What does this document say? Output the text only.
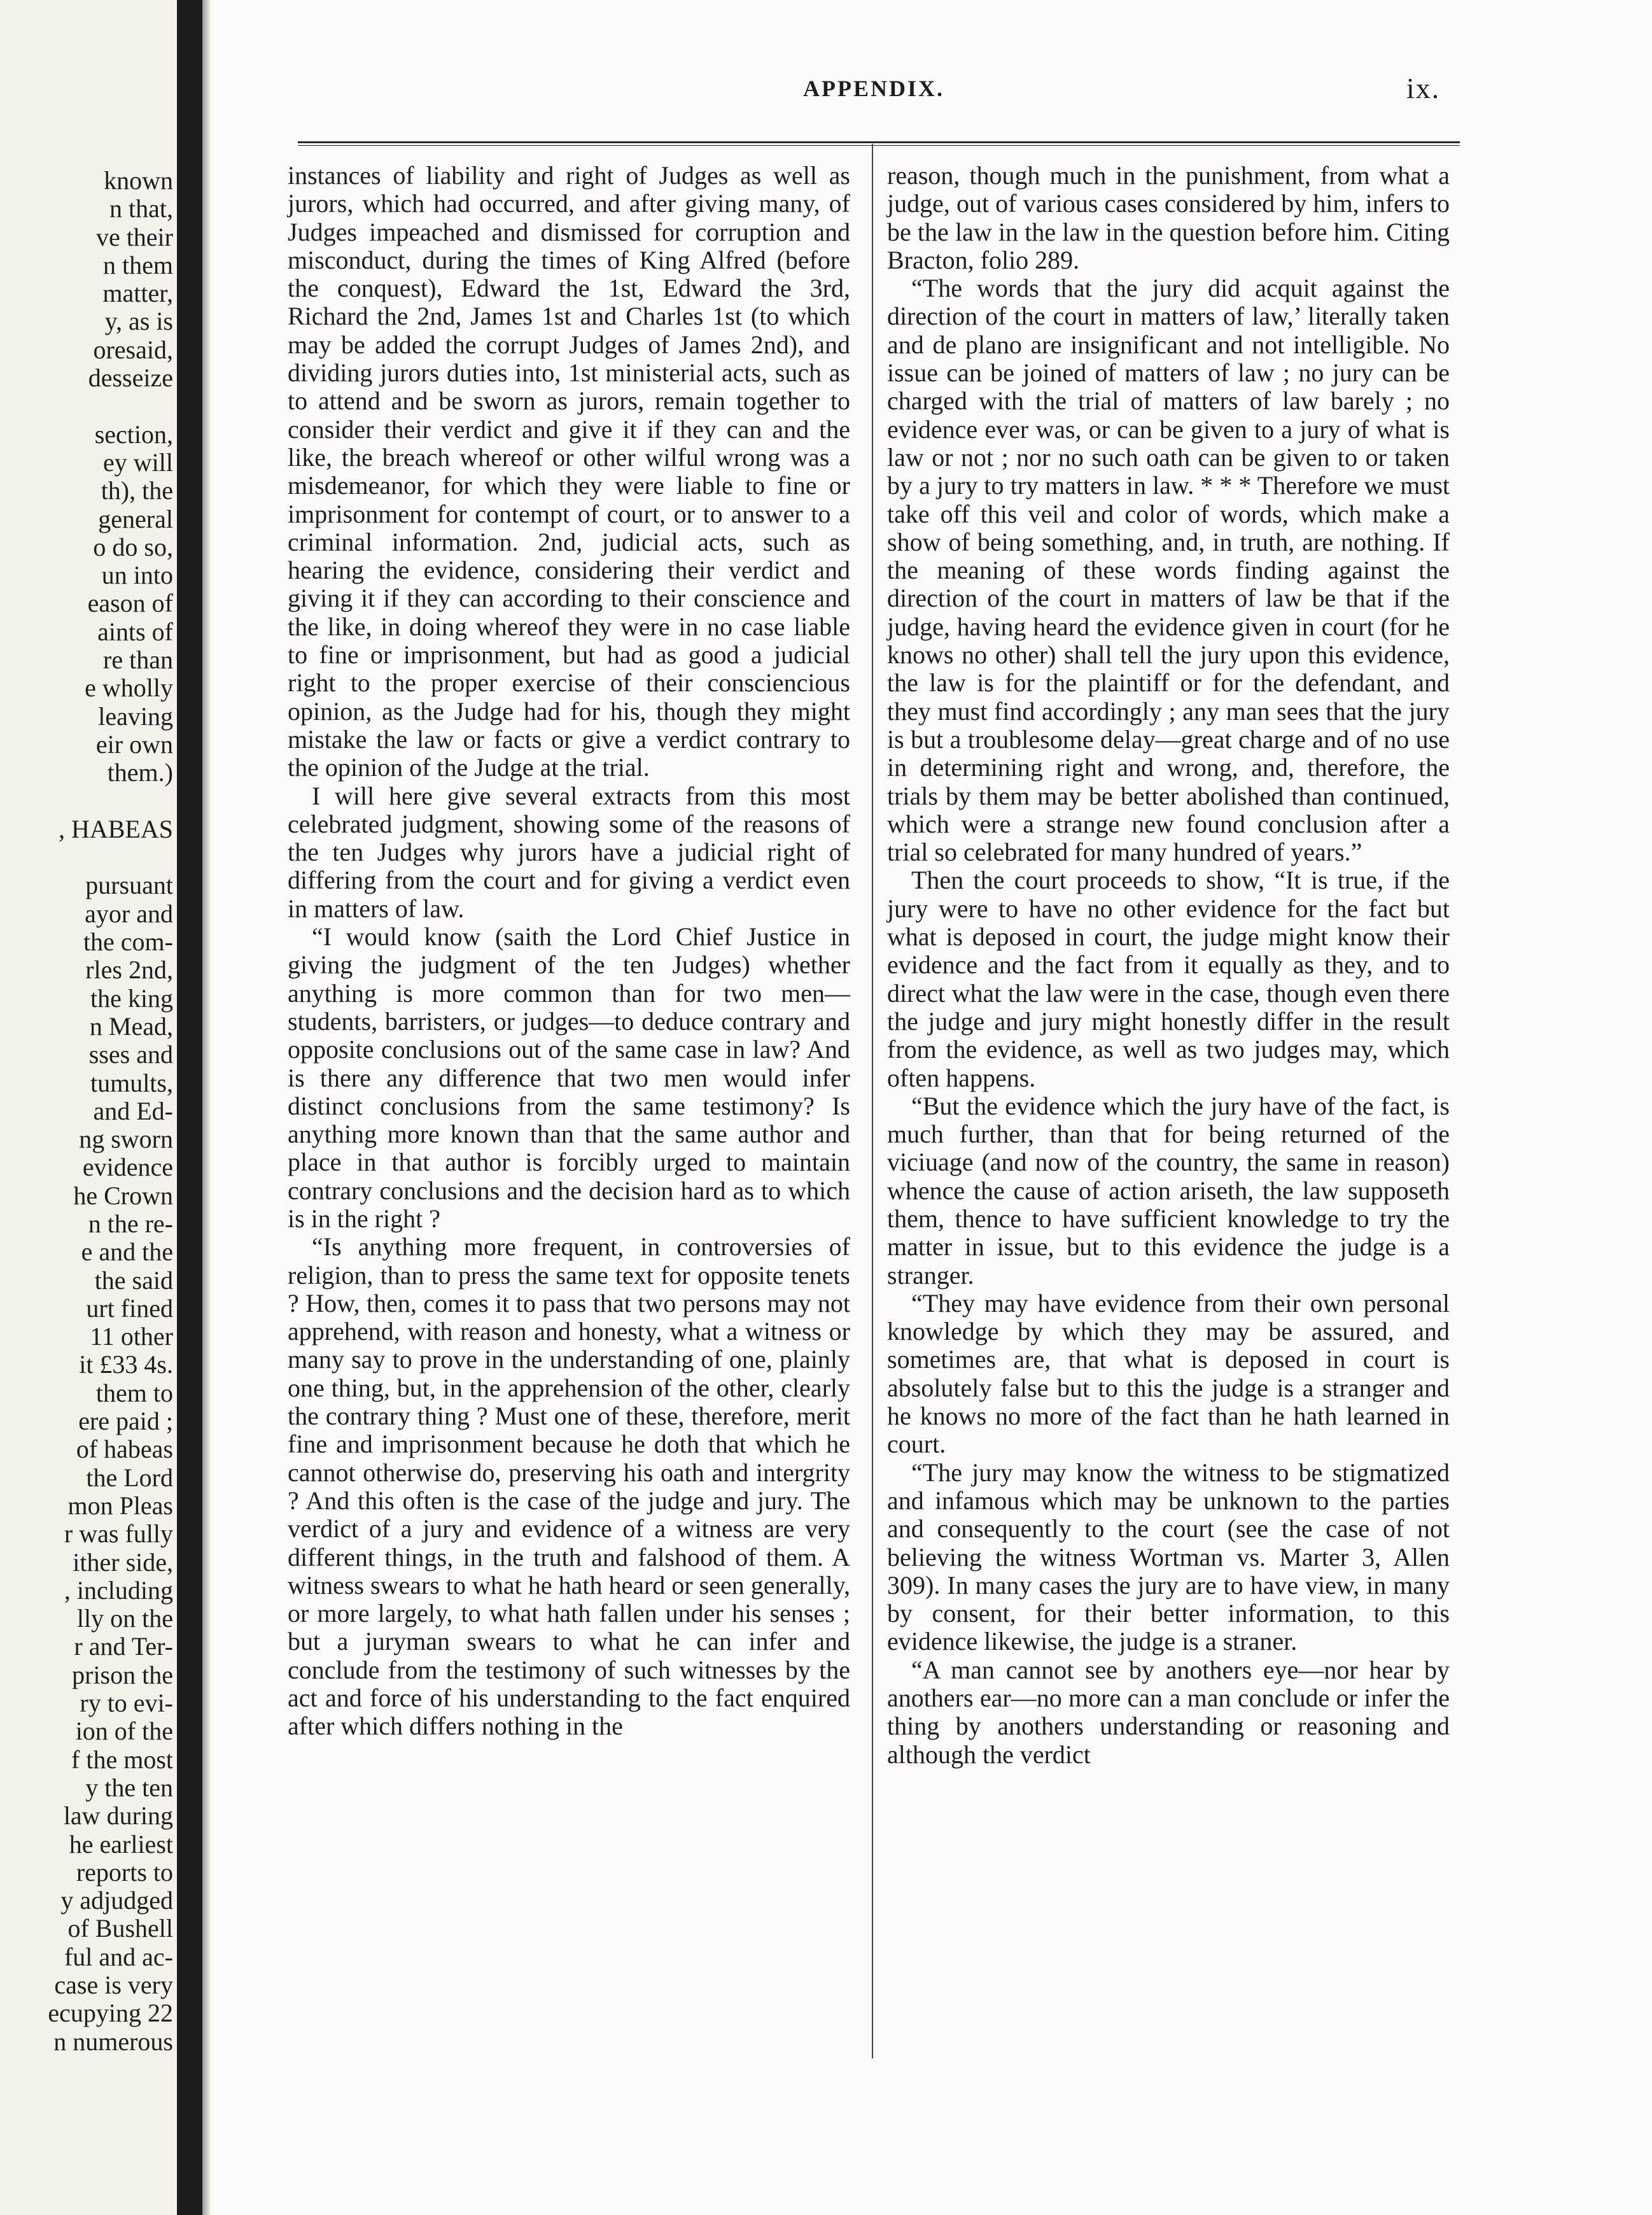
known
n that,
ve their
n them
matter,
y, as is
oresaid,
desseize
section,
ey will
th), the
general
o do so,
un into
eason of
aints of
re than
e wholly
leaving
eir own
them.)
, HABEAS
pursuant
ayor and
the com-
rles 2nd,
the king
n Mead,
sses and
tumults,
and Ed-
ng sworn
evidence
he Crown
n the re-
e and the
the said
urt fined
11 other
it £33 4s.
them to
ere paid ;
of habeas
the Lord
mon Pleas
r was fully
ither side,
, including
lly on the
r and Ter-
prison the
ry to evi-
ion of the
f the most
y the ten
law during
he earliest
reports to
y adjudged
of Bushell
ful and ac-
case is very
ecupying 22
n numerous
APPENDIX.	ix.

instances of liability and right of Judges as well as jurors, which had occurred, and after giving many, of Judges impeached and dismissed for corruption and misconduct, during the times of King Alfred (before the conquest), Edward the 1st, Edward the 3rd, Richard the 2nd, James 1st and Charles 1st (to which may be added the corrupt Judges of James 2nd), and dividing jurors duties into, 1st ministerial acts, such as to attend and be sworn as jurors, remain together to consider their verdict and give it if they can and the like, the breach whereof or other wilful wrong was a misdemeanor, for which they were liable to fine or imprisonment for contempt of court, or to answer to a criminal information. 2nd, judicial acts, such as hearing the evidence, considering their verdict and giving it if they can according to their conscience and the like, in doing whereof they were in no case liable to fine or imprisonment, but had as good a judicial right to the proper exercise of their consciencious opinion, as the Judge had for his, though they might mistake the law or facts or give a verdict contrary to the opinion of the Judge at the trial.

I will here give several extracts from this most celebrated judgment, showing some of the reasons of the ten Judges why jurors have a judicial right of differing from the court and for giving a verdict even in matters of law.

“I would know (saith the Lord Chief Justice in giving the judgment of the ten Judges) whether anything is more common than for two men—students, barristers, or judges—to deduce contrary and opposite conclusions out of the same case in law? And is there any difference that two men would infer distinct conclusions from the same testimony? Is anything more known than that the same author and place in that author is forcibly urged to maintain contrary conclusions and the decision hard as to which is in the right ?

“Is anything more frequent, in controversies of religion, than to press the same text for opposite tenets ? How, then, comes it to pass that two persons may not apprehend, with reason and honesty, what a witness or many say to prove in the understanding of one, plainly one thing, but, in the apprehension of the other, clearly the contrary thing ? Must one of these, therefore, merit fine and imprisonment because he doth that which he cannot otherwise do, preserving his oath and intergrity ? And this often is the case of the judge and jury. The verdict of a jury and evidence of a witness are very different things, in the truth and falshood of them. A witness swears to what he hath heard or seen generally, or more largely, to what hath fallen under his senses ; but a juryman swears to what he can infer and conclude from the testimony of such witnesses by the act and force of his understanding to the fact enquired after which differs nothing in the

reason, though much in the punishment, from what a judge, out of various cases considered by him, infers to be the law in the law in the question before him. Citing Bracton, folio 289.

“The words that the jury did acquit against the direction of the court in matters of law,’ literally taken and de plano are insignificant and not intelligible. No issue can be joined of matters of law ; no jury can be charged with the trial of matters of law barely ; no evidence ever was, or can be given to a jury of what is law or not ; nor no such oath can be given to or taken by a jury to try matters in law. * * * Therefore we must take off this veil and color of words, which make a show of being something, and, in truth, are nothing. If the meaning of these words finding against the direction of the court in matters of law be that if the judge, having heard the evidence given in court (for he knows no other) shall tell the jury upon this evidence, the law is for the plaintiff or for the defendant, and they must find accordingly ; any man sees that the jury is but a troublesome delay—great charge and of no use in determining right and wrong, and, therefore, the trials by them may be better abolished than continued, which were a strange new found conclusion after a trial so celebrated for many hundred of years.”

Then the court proceeds to show, “It is true, if the jury were to have no other evidence for the fact but what is deposed in court, the judge might know their evidence and the fact from it equally as they, and to direct what the law were in the case, though even there the judge and jury might honestly differ in the result from the evidence, as well as two judges may, which often happens.

“But the evidence which the jury have of the fact, is much further, than that for being returned of the viciuage (and now of the country, the same in reason) whence the cause of action ariseth, the law supposeth them, thence to have sufficient knowledge to try the matter in issue, but to this evidence the judge is a stranger.

“They may have evidence from their own personal knowledge by which they may be assured, and sometimes are, that what is deposed in court is absolutely false but to this the judge is a stranger and he knows no more of the fact than he hath learned in court.

“The jury may know the witness to be stigmatized and infamous which may be unknown to the parties and consequently to the court (see the case of not believing the witness Wortman vs. Marter 3, Allen 309). In many cases the jury are to have view, in many by consent, for their better information, to this evidence likewise, the judge is a straner.

“A man cannot see by anothers eye—nor hear by anothers ear—no more can a man conclude or infer the thing by anothers understanding or reasoning and although the verdict
